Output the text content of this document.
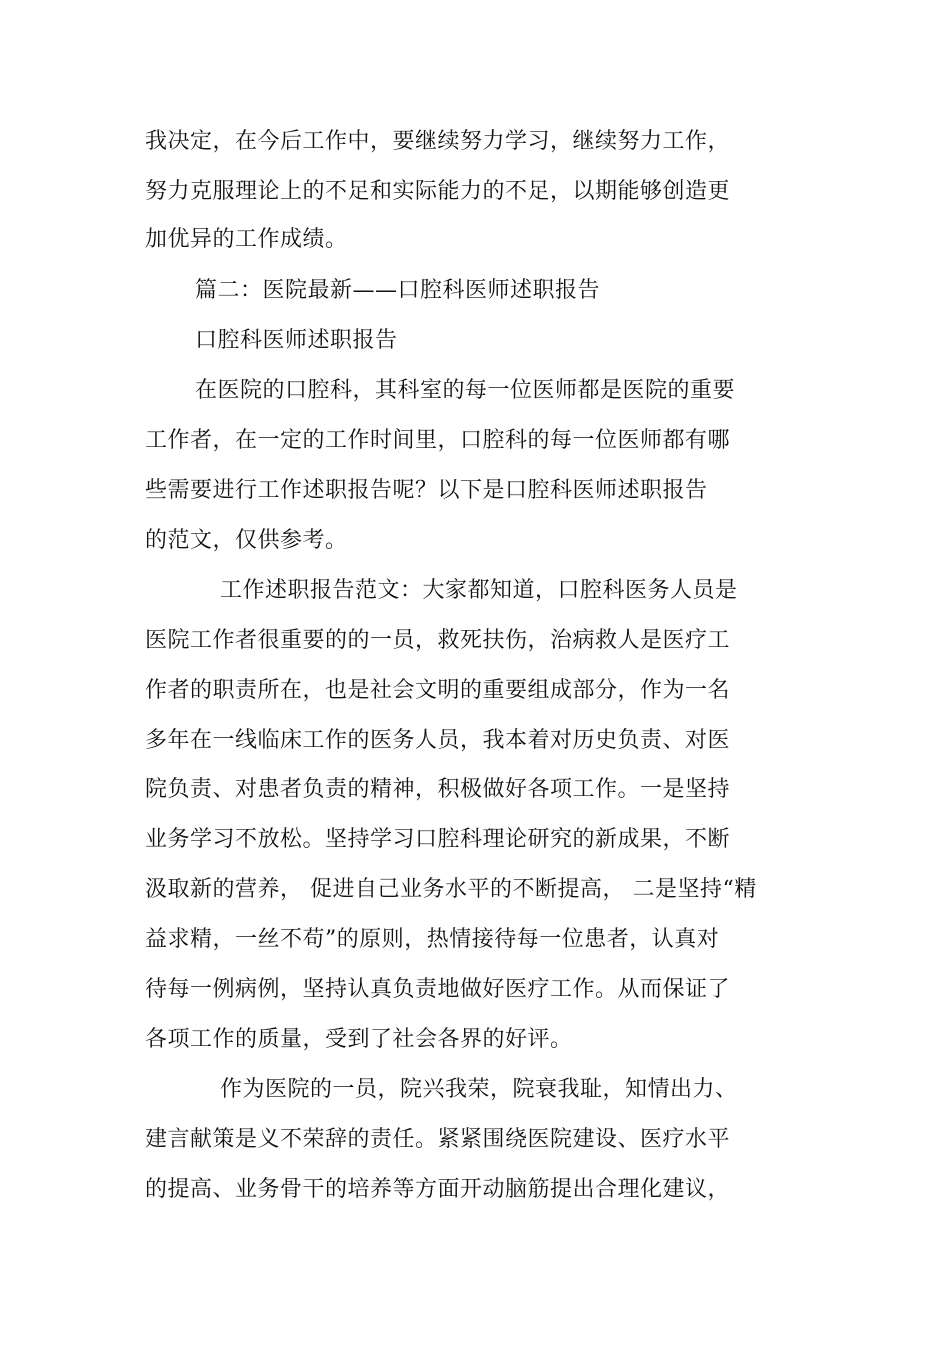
我决定，在今后工作中，要继续努力学习，继续努力工作，
努力克服理论上的不足和实际能力的不足，以期能够创造更
加优异的工作成绩。
篇二：医院最新——口腔科医师述职报告
口腔科医师述职报告
在医院的口腔科，其科室的每一位医师都是医院的重要
工作者，在一定的工作时间里，口腔科的每一位医师都有哪
些需要进行工作述职报告呢？以下是口腔科医师述职报告
的范文，仅供参考。
工作述职报告范文：大家都知道，口腔科医务人员是
医院工作者很重要的的一员，救死扶伤，治病救人是医疗工
作者的职责所在，也是社会文明的重要组成部分，作为一名
多年在一线临床工作的医务人员，我本着对历史负责、对医
院负责、对患者负责的精神，积极做好各项工作。一是坚持
业务学习不放松。坚持学习口腔科理论研究的新成果，不断
汲取新的营养， 促进自己业务水平的不断提高， 二是坚持“精
益求精，一丝不苟”的原则，热情接待每一位患者，认真对
待每一例病例，坚持认真负责地做好医疗工作。从而保证了
各项工作的质量，受到了社会各界的好评。
作为医院的一员，院兴我荣，院衰我耻，知情出力、
建言献策是义不荣辞的责任。紧紧围绕医院建设、医疗水平
的提高、业务骨干的培养等方面开动脑筋提出合理化建议，
